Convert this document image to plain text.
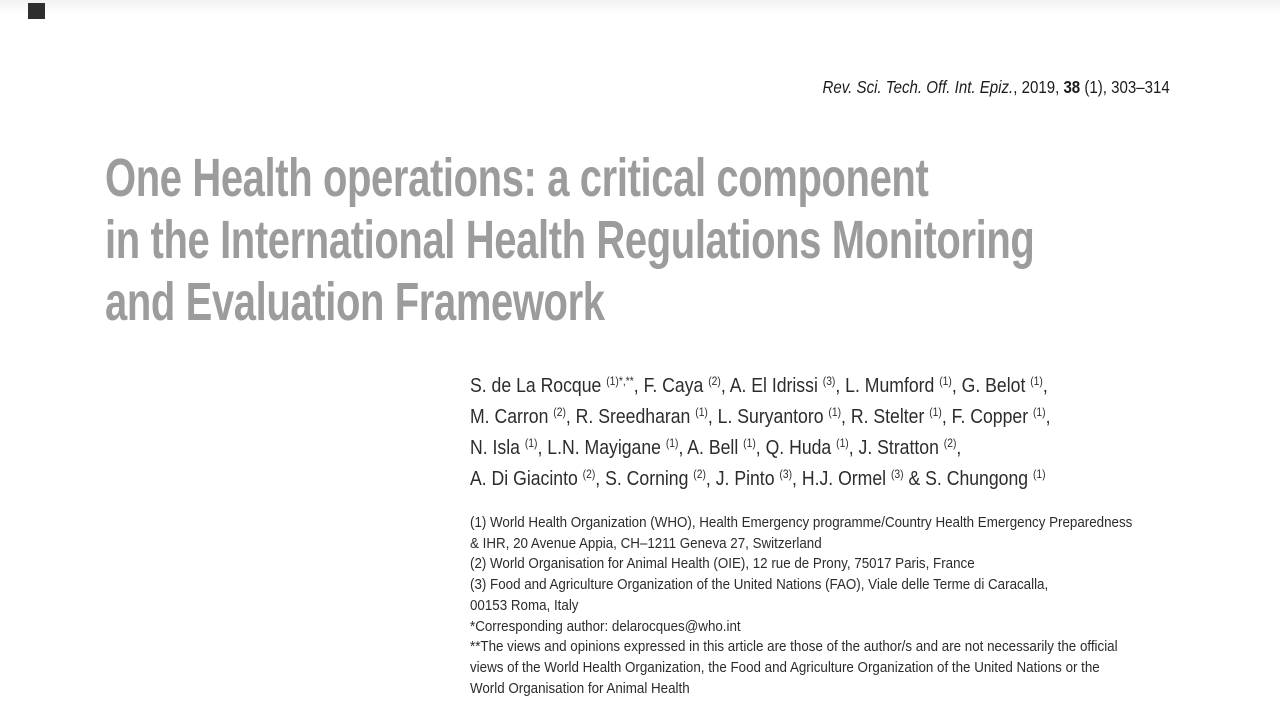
Rev. Sci. Tech. Off. Int. Epiz., 2019, 38 (1), 303–314
One Health operations: a critical component
in the International Health Regulations Monitoring
and Evaluation Framework
S. de La Rocque $^{(1)*,**}$, F. Caya $^{(2)}$, A. El Idrissi $^{(3)}$, L. Mumford $^{(1)}$, G. Belot $^{(1)}$,
M. Carron $^{(2)}$, R. Sreedharan $^{(1)}$, L. Suryantoro $^{(1)}$, R. Stelter $^{(1)}$, F. Copper $^{(1)}$,
N. Isla $^{(1)}$, L.N. Mayigane $^{(1)}$, A. Bell $^{(1)}$, Q. Huda $^{(1)}$, J. Stratton $^{(2)}$,
A. Di Giacinto $^{(2)}$, S. Corning $^{(2)}$, J. Pinto $^{(3)}$, H.J. Ormel $^{(3)}$ & S. Chungong $^{(1)}$
(1) World Health Organization (WHO), Health Emergency programme/Country Health Emergency Preparedness
& IHR, 20 Avenue Appia, CH–1211 Geneva 27, Switzerland
(2) World Organisation for Animal Health (OIE), 12 rue de Prony, 75017 Paris, France
(3) Food and Agriculture Organization of the United Nations (FAO), Viale delle Terme di Caracalla,
00153 Roma, Italy
*Corresponding author: delarocques@who.int
**The views and opinions expressed in this article are those of the author/s and are not necessarily the official
views of the World Health Organization, the Food and Agriculture Organization of the United Nations or the
World Organisation for Animal Health
